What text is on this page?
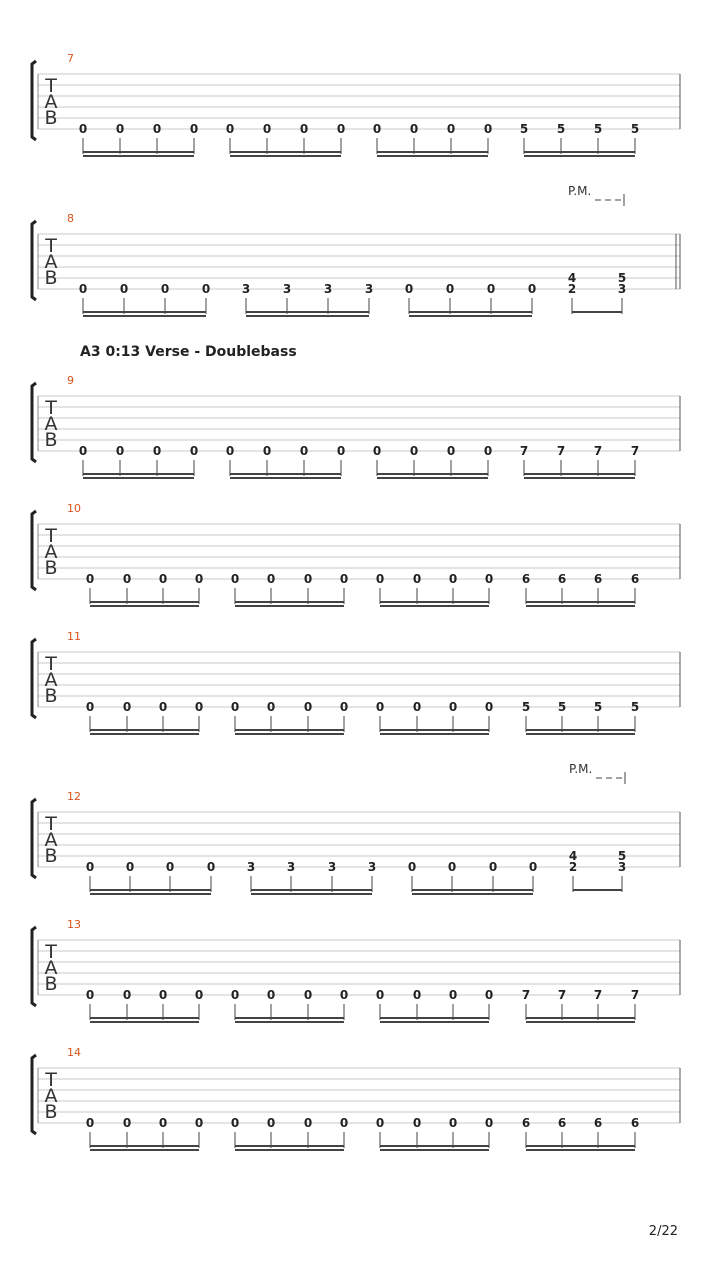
T
A
B
7
0 0 0 0 0 0 0 0 0 0 0 0 5 5 5 5
T
A
B
8
P.M.
0	0	0	0	3	3	3	3	0	0	0	0	2
4
3
5
A3 0:13 Verse - Doublebass
T
A
B
9
0 0 0 0 0 0 0 0 0 0 0 0 7 7 7 7
T
A
B
10
0 0 0 0 0 0 0 0 0 0 0 0 6 6 6 6
T
A
B
11
0 0 0 0 0 0 0 0 0 0 0 0 5 5 5 5
T
A
B
12
P.M.
0	0	0	0	3	3	3	3	0	0	0	0	2
4
3
5
T
A
B
13
0 0 0 0 0 0 0 0 0 0 0 0 7 7 7 7
T
A
B
14
0 0 0 0 0 0 0 0 0 0 0 0 6 6 6 6
2/22
